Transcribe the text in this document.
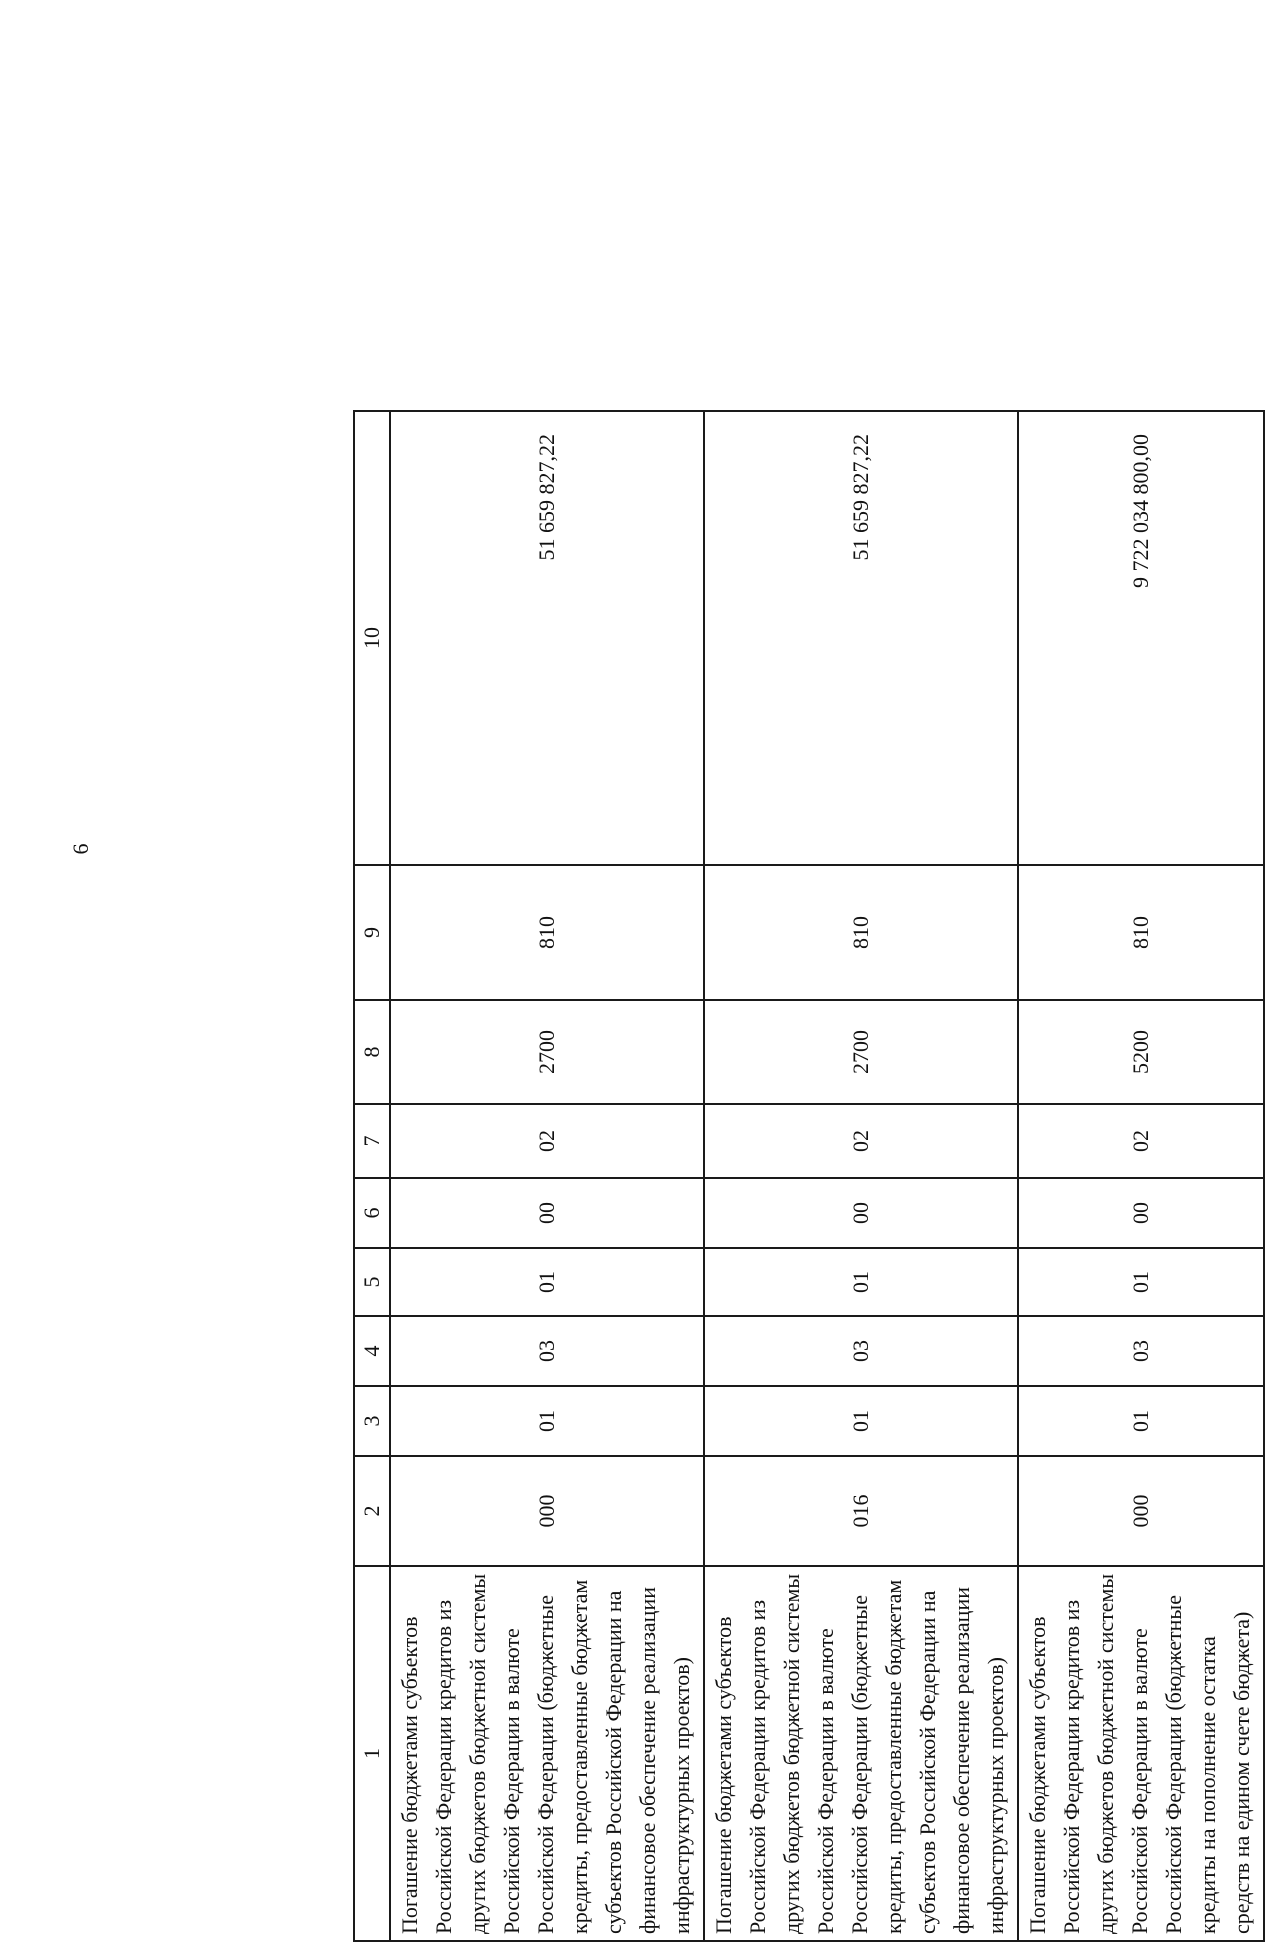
6
1	2	3	4	5	6	7	8	9	10
Погашение бюджетами субъектов Российской Федерации кредитов из других бюджетов бюджетной системы Российской Федерации в валюте Российской Федерации (бюджетные кредиты, предоставленные бюджетам субъектов Российской Федерации на финансовое обеспечение реализации инфраструктурных проектов)	000	01	03	01	00	02	2700	810	51 659 827,22
Погашение бюджетами субъектов Российской Федерации кредитов из других бюджетов бюджетной системы Российской Федерации в валюте Российской Федерации (бюджетные кредиты, предоставленные бюджетам субъектов Российской Федерации на финансовое обеспечение реализации инфраструктурных проектов)	016	01	03	01	00	02	2700	810	51 659 827,22
Погашение бюджетами субъектов Российской Федерации кредитов из других бюджетов бюджетной системы Российской Федерации в валюте Российской Федерации (бюджетные кредиты на пополнение остатка средств на едином счете бюджета)	000	01	03	01	00	02	5200	810	9 722 034 800,00
